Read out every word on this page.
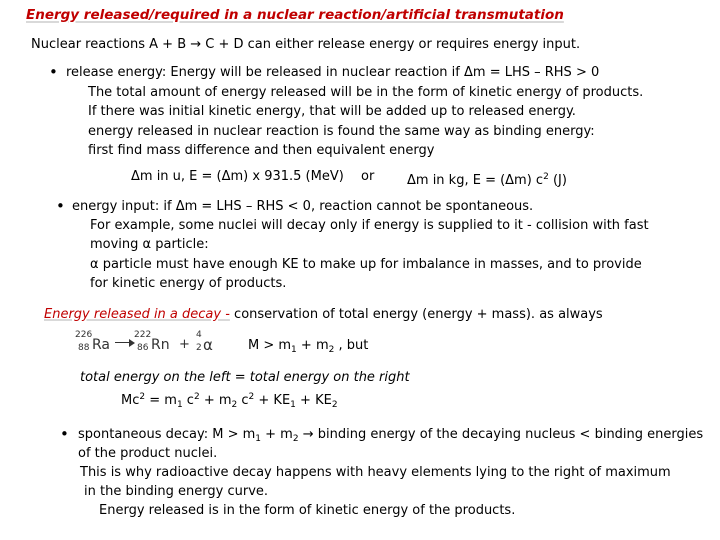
Energy released/required in a nuclear reaction/artificial transmutation
Nuclear reactions A + B → C + D can either release energy or requires energy input.
• release energy: Energy will be released in nuclear reaction if Δm = LHS – RHS > 0
The total amount of energy released will be in the form of kinetic energy of products.
If there was initial kinetic energy, that will be added up to released energy.
energy released in nuclear reaction is found the same way as binding energy:
first find mass difference and then equivalent energy
Δm in u, E = (Δm) x 931.5 (MeV) or	Δm in kg, E = (Δm) $c^2$ (J)
• energy input: if Δm = LHS – RHS < 0, reaction cannot be spontaneous.
For example, some nuclei will decay only if energy is supplied to it - collision with fast
moving α particle:
α particle must have enough KE to make up for imbalance in masses, and to provide
for kinetic energy of products.
Energy released in a decay - conservation of total energy (energy + mass). as always
226
88 Ra
222
86 Rn +
4
2 α	$M > m_1 + m_2$ , but
total energy on the left = total energy on the right
$Mc^2 = m_1$ $c^2 + m_2$ $c^2 + KE_1 + KE_2$
• spontaneous decay: $M > m_1 + m_2$ → binding energy of the decaying nucleus < binding energies
of the product nuclei.
This is why radioactive decay happens with heavy elements lying to the right of maximum
in the binding energy curve.
Energy released is in the form of kinetic energy of the products.
